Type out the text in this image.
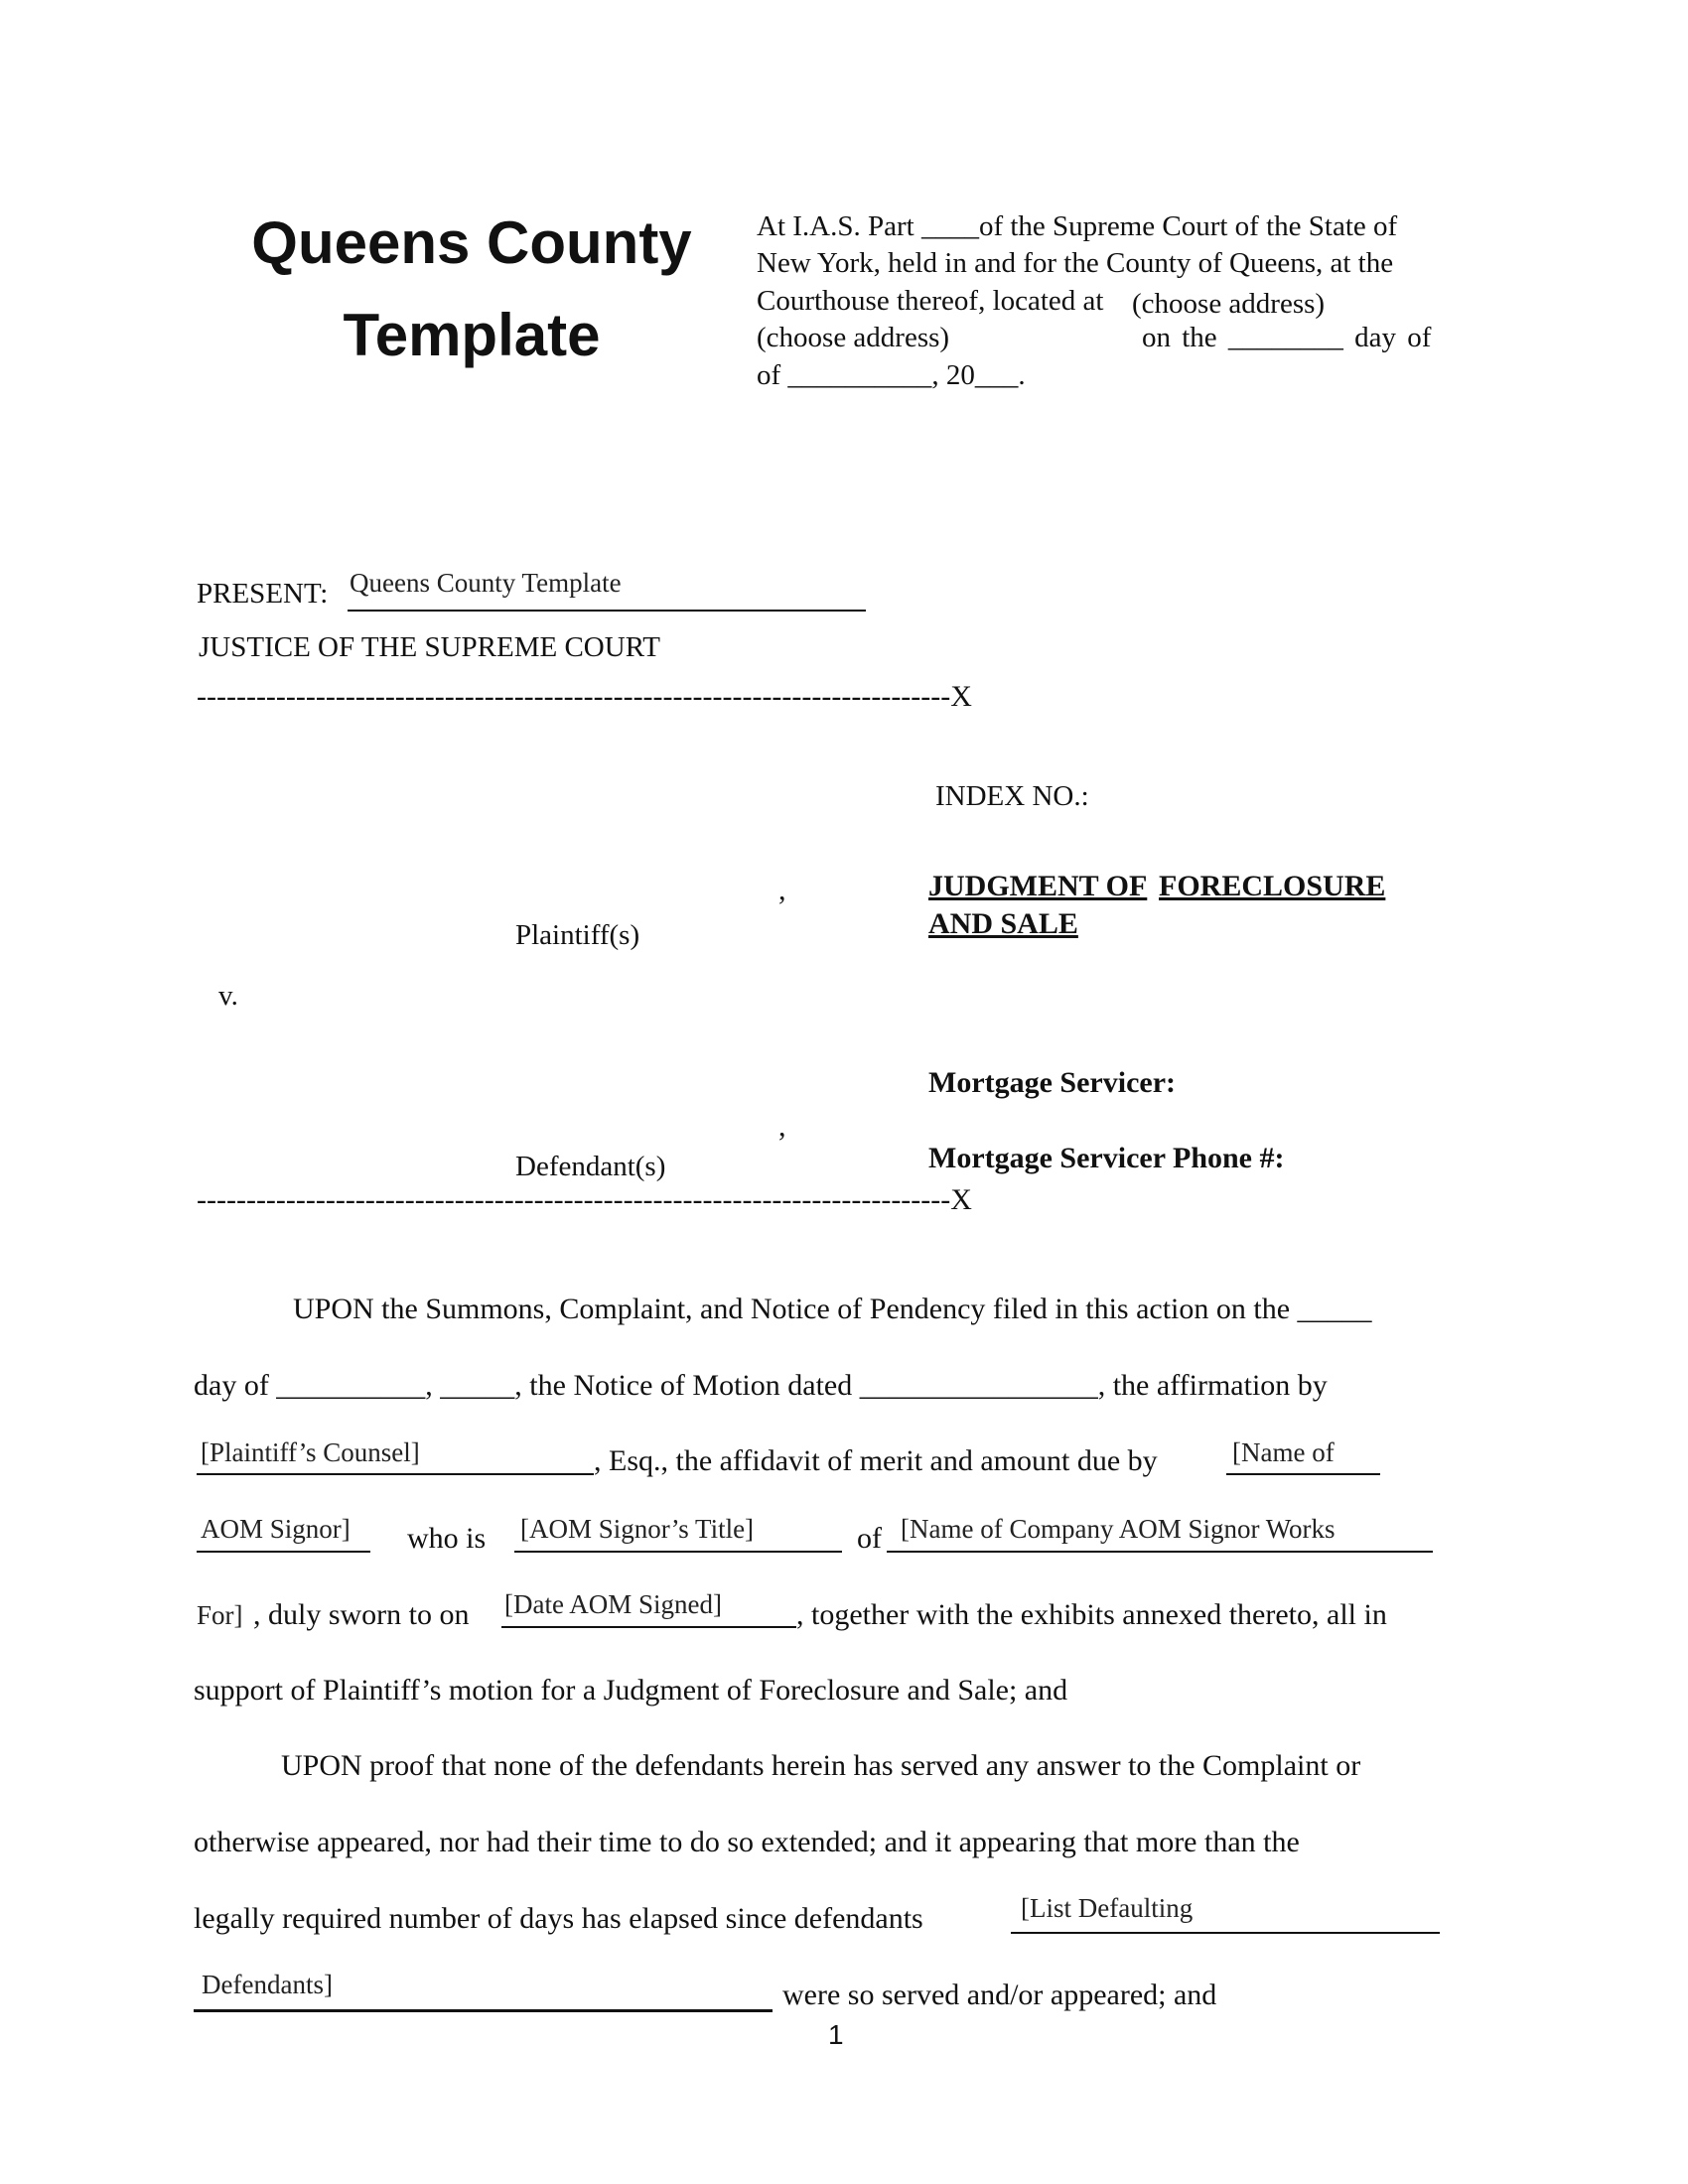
Queens County
Template
At I.A.S. Part ____of the Supreme Court of the State of
New York, held in and for the County of Queens, at the
Courthouse thereof, located at (choose address)
(choose address)	on the ________ day of
of __________, 20___.
PRESENT: Queens County Template
JUSTICE OF THE SUPREME COURT
----------------------------------------------------------------------------X
INDEX NO.:
,
Plaintiff(s)
JUDGMENT OF FORECLOSURE
AND SALE
v.
Mortgage Servicer:
,
Defendant(s)	Mortgage Servicer Phone #:
----------------------------------------------------------------------------X
UPON the Summons, Complaint, and Notice of Pendency filed in this action on the _____
day of __________, _____, the Notice of Motion dated ________________, the affirmation by
[Plaintiff’s Counsel]	, Esq., the affidavit of merit and amount due by	[Name of
AOM Signor] who is [AOM Signor’s Title]	of [Name of Company AOM Signor Works
For] , duly sworn to on [Date AOM Signed]	, together with the exhibits annexed thereto, all in
support of Plaintiff’s motion for a Judgment of Foreclosure and Sale; and
UPON proof that none of the defendants herein has served any answer to the Complaint or
otherwise appeared, nor had their time to do so extended; and it appearing that more than the
legally required number of days has elapsed since defendants	[List Defaulting
Defendants]	were so served and/or appeared; and
1
